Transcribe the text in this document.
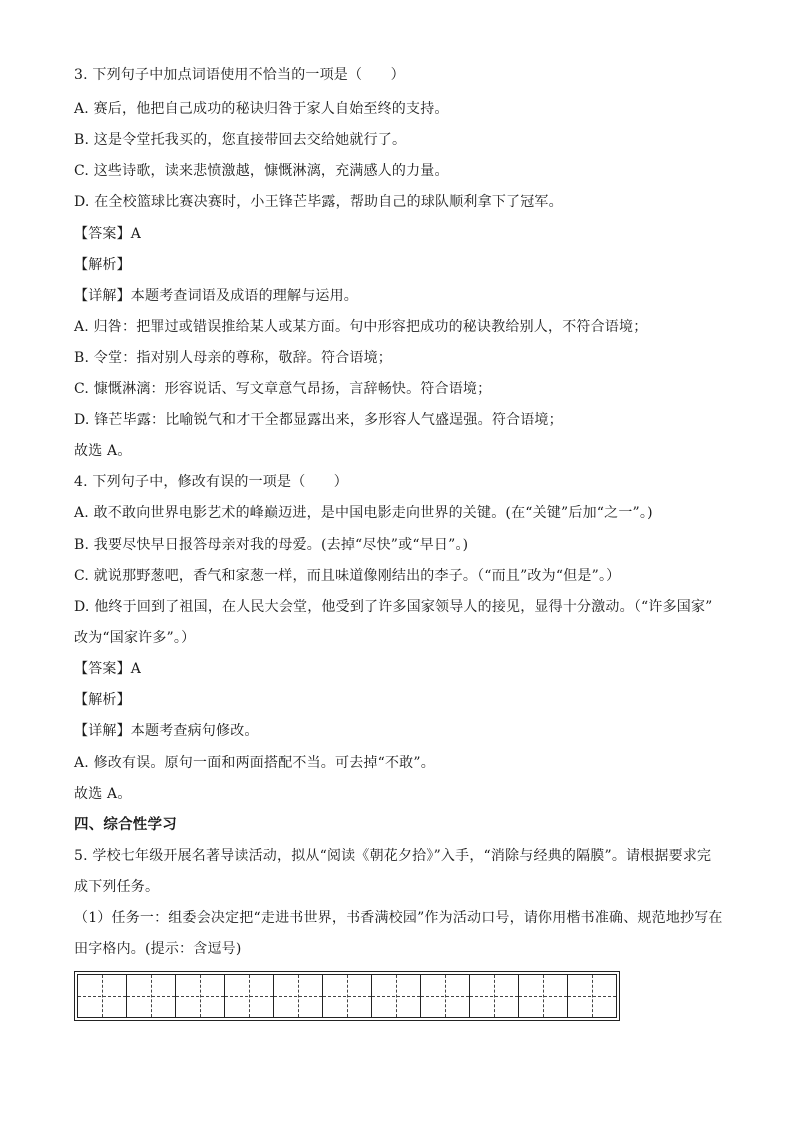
3. 下列句子中加点词语使用不恰当的一项是（　　）
A. 赛后，他把自己成功的秘诀归咎于家人自始至终的支持。
B. 这是令堂托我买的，您直接带回去交给她就行了。
C. 这些诗歌，读来悲愤激越，慷慨淋漓，充满感人的力量。
D. 在全校篮球比赛决赛时，小王锋芒毕露，帮助自己的球队顺利拿下了冠军。
【答案】A
【解析】
【详解】本题考查词语及成语的理解与运用。
A. 归咎：把罪过或错误推给某人或某方面。句中形容把成功的秘诀教给别人，不符合语境；
B. 令堂：指对别人母亲的尊称，敬辞。符合语境；
C. 慷慨淋漓：形容说话、写文章意气昂扬，言辞畅快。符合语境；
D. 锋芒毕露：比喻锐气和才干全都显露出来，多形容人气盛逞强。符合语境；
故选 A。
4. 下列句子中，修改有误的一项是（　　）
A. 敢不敢向世界电影艺术的峰巅迈进，是中国电影走向世界的关键。(在“关键”后加“之一”。)
B. 我要尽快早日报答母亲对我的母爱。(去掉“尽快”或“早日”。)
C. 就说那野葱吧，香气和家葱一样，而且味道像刚结出的李子。（“而且”改为“但是”。）
D. 他终于回到了祖国，在人民大会堂，他受到了许多国家领导人的接见，显得十分激动。（“许多国家”
改为“国家许多”。）
【答案】A
【解析】
【详解】本题考查病句修改。
A. 修改有误。原句一面和两面搭配不当。可去掉“不敢”。
故选 A。
四、综合性学习
5. 学校七年级开展名著导读活动，拟从“阅读《朝花夕拾》”入手，“消除与经典的隔膜”。请根据要求完
成下列任务。
（1）任务一：组委会决定把“走进书世界，书香满校园”作为活动口号，请你用楷书准确、规范地抄写在
田字格内。(提示：含逗号)
